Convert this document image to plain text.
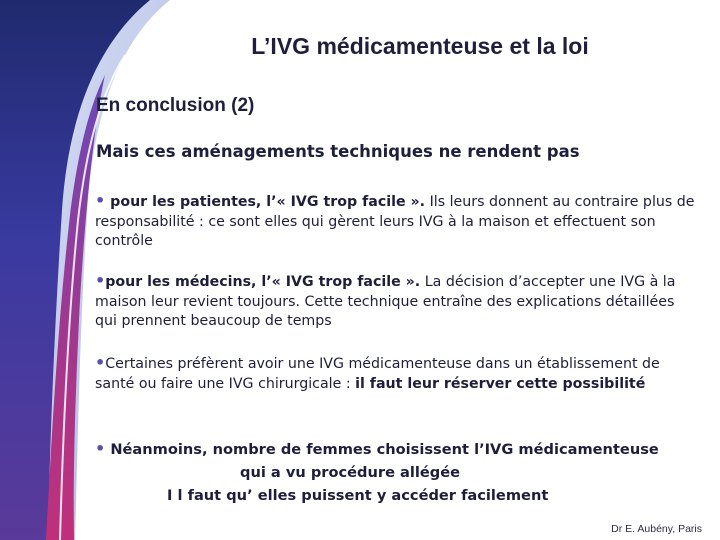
L’IVG médicamenteuse et la loi
En conclusion (2)
Mais ces aménagements techniques ne rendent pas
• pour les patientes, l’« IVG trop facile ». Ils leurs donnent au contraire plus de responsabilité : ce sont elles qui gèrent leurs IVG à la maison et effectuent son contrôle
•pour les médecins, l’« IVG trop facile ». La décision d’accepter une IVG à la maison leur revient toujours. Cette technique entraîne des explications détaillées qui prennent beaucoup de temps
•Certaines préfèrent avoir une IVG médicamenteuse dans un établissement de santé ou faire une IVG chirurgicale : il faut leur réserver cette possibilité
• Néanmoins, nombre de femmes choisissent l’IVG médicamenteuse
qui a vu procédure allégée
I l faut qu’ elles puissent y accéder facilement
Dr E. Aubény, Paris
